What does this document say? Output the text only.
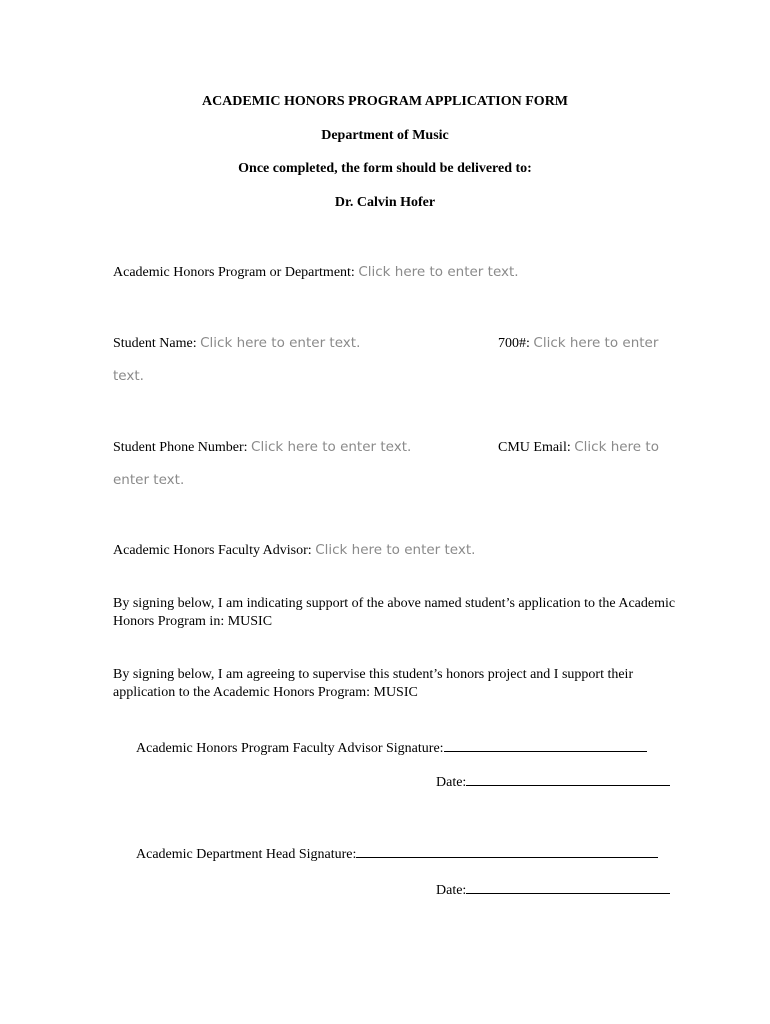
ACADEMIC HONORS PROGRAM APPLICATION FORM
Department of Music
Once completed, the form should be delivered to:
Dr. Calvin Hofer
Academic Honors Program or Department: Click here to enter text.
Student Name: Click here to enter text.	700#: Click here to enter
text.
Student Phone Number: Click here to enter text.	CMU Email: Click here to
enter text.
Academic Honors Faculty Advisor: Click here to enter text.
By signing below, I am indicating support of the above named student’s application to the Academic Honors Program in: MUSIC
By signing below, I am agreeing to supervise this student’s honors project and I support their application to the Academic Honors Program: MUSIC
Academic Honors Program Faculty Advisor Signature:
Date:
Academic Department Head Signature:
Date:
